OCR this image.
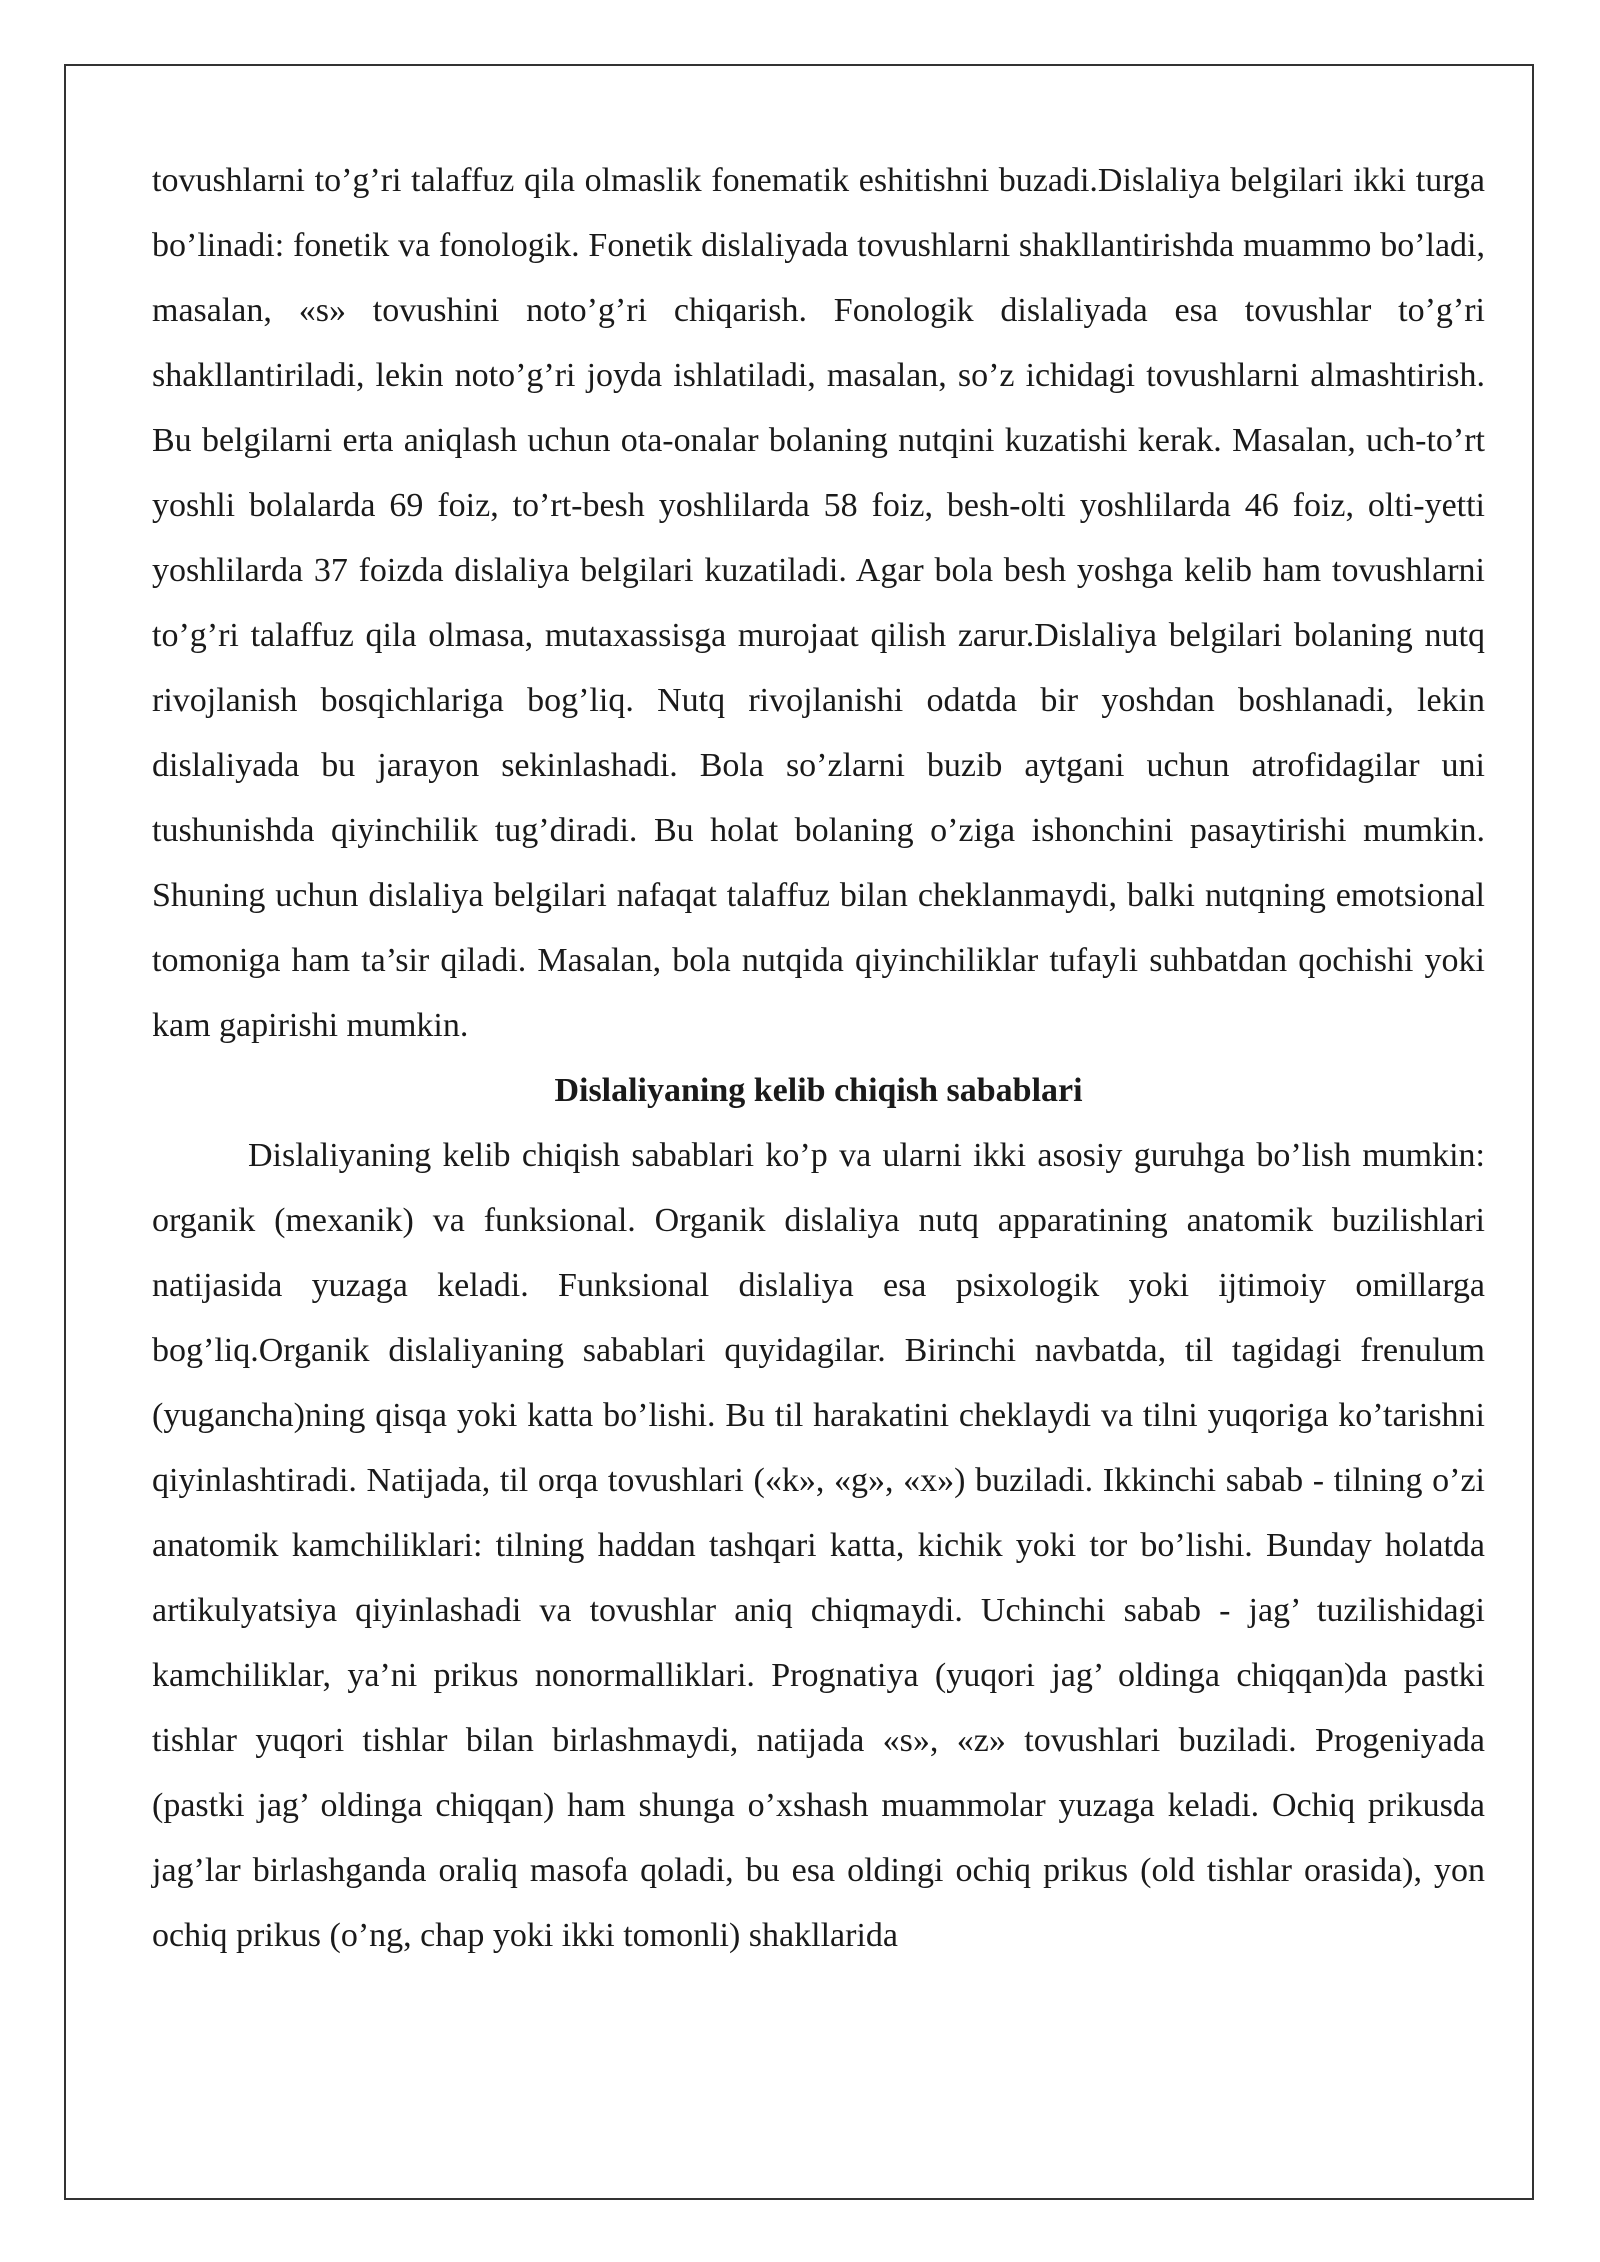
tovushlarni to’g’ri talaffuz qila olmaslik fonematik eshitishni buzadi.Dislaliya belgilari ikki turga bo’linadi: fonetik va fonologik. Fonetik dislaliyada tovushlarni shakllantirishda muammo bo’ladi, masalan, «s» tovushini noto’g’ri chiqarish. Fonologik dislaliyada esa tovushlar to’g’ri shakllantiriladi, lekin noto’g’ri joyda ishlatiladi, masalan, so’z ichidagi tovushlarni almashtirish. Bu belgilarni erta aniqlash uchun ota-onalar bolaning nutqini kuzatishi kerak. Masalan, uch-to’rt yoshli bolalarda 69 foiz, to’rt-besh yoshlilarda 58 foiz, besh-olti yoshlilarda 46 foiz, olti-yetti yoshlilarda 37 foizda dislaliya belgilari kuzatiladi. Agar bola besh yoshga kelib ham tovushlarni to’g’ri talaffuz qila olmasa, mutaxassisga murojaat qilish zarur.Dislaliya belgilari bolaning nutq rivojlanish bosqichlariga bog’liq. Nutq rivojlanishi odatda bir yoshdan boshlanadi, lekin dislaliyada bu jarayon sekinlashadi. Bola so’zlarni buzib aytgani uchun atrofidagilar uni tushunishda qiyinchilik tug’diradi. Bu holat bolaning o’ziga ishonchini pasaytirishi mumkin. Shuning uchun dislaliya belgilari nafaqat talaffuz bilan cheklanmaydi, balki nutqning emotsional tomoniga ham ta’sir qiladi. Masalan, bola nutqida qiyinchiliklar tufayli suhbatdan qochishi yoki kam gapirishi mumkin.

Dislaliyaning kelib chiqish sabablari

Dislaliyaning kelib chiqish sabablari ko’p va ularni ikki asosiy guruhga bo’lish mumkin: organik (mexanik) va funksional. Organik dislaliya nutq apparatining anatomik buzilishlari natijasida yuzaga keladi. Funksional dislaliya esa psixologik yoki ijtimoiy omillarga bog’liq.Organik dislaliyaning sabablari quyidagilar. Birinchi navbatda, til tagidagi frenulum (yugancha)ning qisqa yoki katta bo’lishi. Bu til harakatini cheklaydi va tilni yuqoriga ko’tarishni qiyinlashtiradi. Natijada, til orqa tovushlari («k», «g», «x») buziladi. Ikkinchi sabab - tilning o’zi anatomik kamchiliklari: tilning haddan tashqari katta, kichik yoki tor bo’lishi. Bunday holatda artikulyatsiya qiyinlashadi va tovushlar aniq chiqmaydi. Uchinchi sabab - jag’ tuzilishidagi kamchiliklar, ya’ni prikus nonormalliklari. Prognatiya (yuqori jag’ oldinga chiqqan)da pastki tishlar yuqori tishlar bilan birlashmaydi, natijada «s», «z» tovushlari buziladi. Progeniyada (pastki jag’ oldinga chiqqan) ham shunga o’xshash muammolar yuzaga keladi. Ochiq prikusda jag’lar birlashganda oraliq masofa qoladi, bu esa oldingi ochiq prikus (old tishlar orasida), yon ochiq prikus (o’ng, chap yoki ikki tomonli) shakllarida
